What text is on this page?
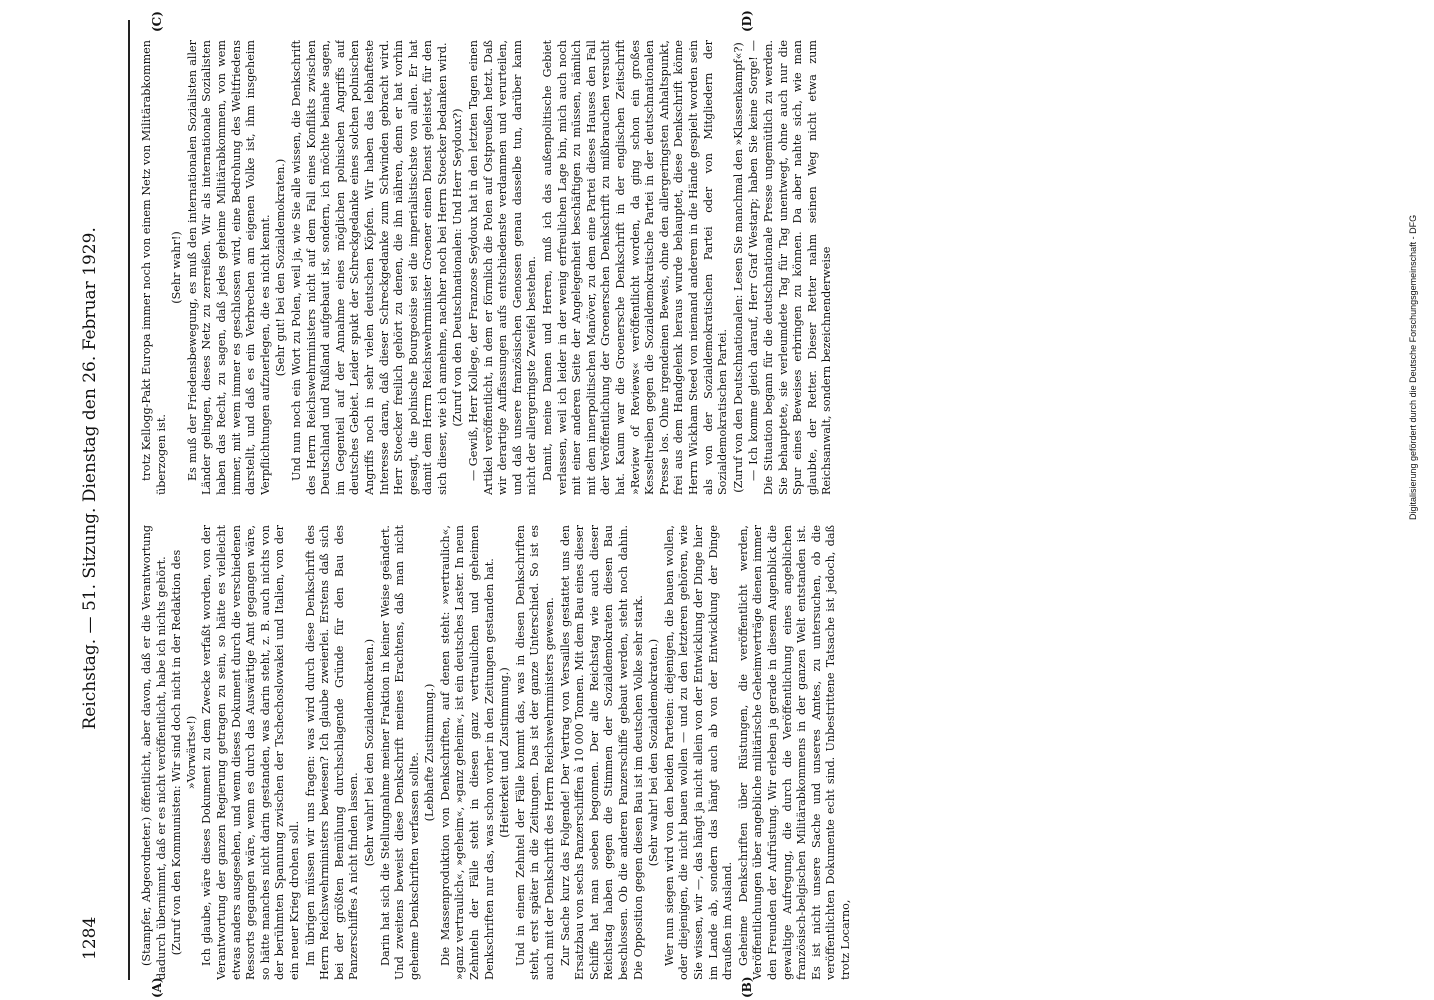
1284
Reichstag. — 51. Sitzung. Dienstag den 26. Februar 1929.
(A)	(B)
(C)	(D)

(Stampfer, Abgeordneter.) öffentlicht, aber davon, daß er die Verantwortung dadurch übernimmt, daß er es nicht veröffentlicht, habe ich nichts gehört. (Zuruf von den Kommunisten: Wir sind doch nicht in der Redaktion des »Vorwärts«!) Ich glaube, wäre dieses Dokument zu dem Zwecke verfaßt worden, von der Verantwortung der ganzen Regierung getragen zu sein, so hätte es vielleicht etwas anders ausgesehen, und wenn dieses Dokument durch die verschiedenen Ressorts gegangen wäre, wenn es durch das Auswärtige Amt gegangen wäre, so hätte manches nicht darin gestanden, was darin steht, z. B. auch nichts von der berühmten Spannung zwischen der Tschechoslowakei und Italien, von der ein neuer Krieg drohen soll. Im übrigen müssen wir uns fragen: was wird durch diese Denkschrift des Herrn Reichswehrministers bewiesen? Ich glaube zweierlei. Erstens daß sich bei der größten Bemühung durchschlagende Gründe für den Bau des Panzerschiffes A nicht finden lassen.

(Sehr wahr! bei den Sozialdemokraten.) Darin hat sich die Stellungnahme meiner Fraktion in keiner Weise geändert. Und zweitens beweist diese Denkschrift meines Erachtens, daß man nicht geheime Denkschriften verfassen sollte. (Lebhafte Zustimmung.) Die Massenproduktion von Denkschriften, auf denen steht: »vertraulich«, »ganz vertraulich«, »geheim«, »ganz geheim«, ist ein deutsches Laster. In neun Zehnteln der Fälle steht in diesen ganz vertraulichen und geheimen Denkschriften nur das, was schon vorher in den Zeitungen gestanden hat. (Heiterkeit und Zustimmung.) Und in einem Zehntel der Fälle kommt das, was in diesen Denkschriften steht, erst später in die Zeitungen. Das ist der ganze Unterschied. So ist es auch mit der Denkschrift des Herrn Reichswehrministers gewesen. Zur Sache kurz das Folgende! Der Vertrag von Versailles gestattet uns den Ersatzbau von sechs Panzerschiffen à 10 000 Tonnen. Mit dem Bau eines dieser Schiffe hat man soeben begonnen. Der alte Reichstag wie auch dieser Reichstag haben gegen die Stimmen der Sozialdemokraten diesen Bau beschlossen. Ob die anderen Panzerschiffe gebaut werden, steht noch dahin. Die Opposition gegen diesen Bau ist im deutschen Volke sehr stark. (Sehr wahr! bei den Sozialdemokraten.) Wer nun siegen wird von den beiden Parteien: diejenigen, die bauen wollen, oder diejenigen, die nicht bauen wollen — und zu den letzteren gehören, wie Sie wissen, wir —, das hängt ja nicht allein von der Entwicklung der Dinge hier im Lande ab, sondern das hängt auch ab von der Entwicklung der Dinge draußen im Ausland. Geheime Denkschriften über Rüstungen, die veröffentlicht werden, Veröffentlichungen über angebliche militärische Geheimverträge dienen immer den Freunden der Aufrüstung. Wir erleben ja gerade in diesem Augenblick die gewaltige Aufregung, die durch die Veröffentlichung eines angeblichen französisch-belgischen Militärabkommens in der ganzen Welt entstanden ist. Es ist nicht unsere Sache und unseres Amtes, zu untersuchen, ob die veröffentlichten Dokumente echt sind. Unbestrittene Tatsache ist jedoch, daß trotz Locarno,

trotz Kellogg-Pakt Europa immer noch von einem Netz von Militärabkommen überzogen ist.

(Sehr wahr!) Es muß der Friedensbewegung, es muß den internationalen Sozialisten aller Länder gelingen, dieses Netz zu zerreißen. Wir als internationale Sozialisten haben das Recht, zu sagen, daß jedes geheime Militärabkommen, von wem immer, mit wem immer es geschlossen wird, eine Bedrohung des Weltfriedens darstellt, und daß es ein Verbrechen am eigenen Volke ist, ihm insgeheim Verpflichtungen aufzuerlegen, die es nicht kennt. (Sehr gut! bei den Sozialdemokraten.) Und nun noch ein Wort zu Polen, weil ja, wie Sie alle wissen, die Denkschrift des Herrn Reichswehrministers nicht auf dem Fall eines Konflikts zwischen Deutschland und Rußland aufgebaut ist, sondern, ich möchte beinahe sagen, im Gegenteil auf der Annahme eines möglichen polnischen Angriffs auf deutsches Gebiet. Leider spukt der Schreckgedanke eines solchen polnischen Angriffs noch in sehr vielen deutschen Köpfen. Wir haben das lebhafteste Interesse daran, daß dieser Schreckgedanke zum Schwinden gebracht wird. Herr Stoecker freilich gehört zu denen, die ihn nähren, denn er hat vorhin gesagt, die polnische Bourgeoisie sei die imperialistischste von allen. Er hat damit dem Herrn Reichswehrminister Groener einen Dienst geleistet, für den sich dieser, wie ich annehme, nachher noch bei Herrn Stoecker bedanken wird. (Zuruf von den Deutschnationalen: Und Herr Seydoux?) — Gewiß, Herr Kollege, der Franzose Seydoux hat in den letzten Tagen einen Artikel veröffentlicht, in dem er förmlich die Polen auf Ostpreußen hetzt. Daß wir derartige Auffassungen aufs entschiedenste verdammen und verurteilen, und daß unsere französischen Genossen genau dasselbe tun, darüber kann nicht der allergeringste Zweifel bestehen. Damit, meine Damen und Herren, muß ich das außenpolitische Gebiet verlassen, weil ich leider in der wenig erfreulichen Lage bin, mich auch noch mit einer anderen Seite der Angelegenheit beschäftigen zu müssen, nämlich mit dem innerpolitischen Manöver, zu dem eine Partei dieses Hauses den Fall der Veröffentlichung der Groenerschen Denkschrift zu mißbrauchen versucht hat. Kaum war die Groenersche Denkschrift in der englischen Zeitschrift »Review of Reviews« veröffentlicht worden, da ging schon ein großes Kesseltreiben gegen die Sozialdemokratische Partei in der deutschnationalen Presse los. Ohne irgendeinen Beweis, ohne den allergeringsten Anhaltspunkt, frei aus dem Handgelenk heraus wurde behauptet, diese Denkschrift könne Herrn Wickham Steed von niemand anderem in die Hände gespielt worden sein als von der Sozialdemokratischen Partei oder von Mitgliedern der Sozialdemokratischen Partei. (Zuruf von den Deutschnationalen: Lesen Sie manchmal den »Klassenkampf«?) — Ich komme gleich darauf, Herr Graf Westarp; haben Sie keine Sorge! — Die Situation begann für die deutschnationale Presse ungemütlich zu werden. Sie behauptete, sie verleumdete Tag für Tag unentwegt, ohne auch nur die Spur eines Beweises erbringen zu können. Da aber nahte sich, wie man glaubte, der Retter. Dieser Retter nahm seinen Weg nicht etwa zum Reichsanwalt, sondern bezeichnenderweise	Digitalisierung gefördert durch die Deutsche Forschungsgemeinschaft - DFG
